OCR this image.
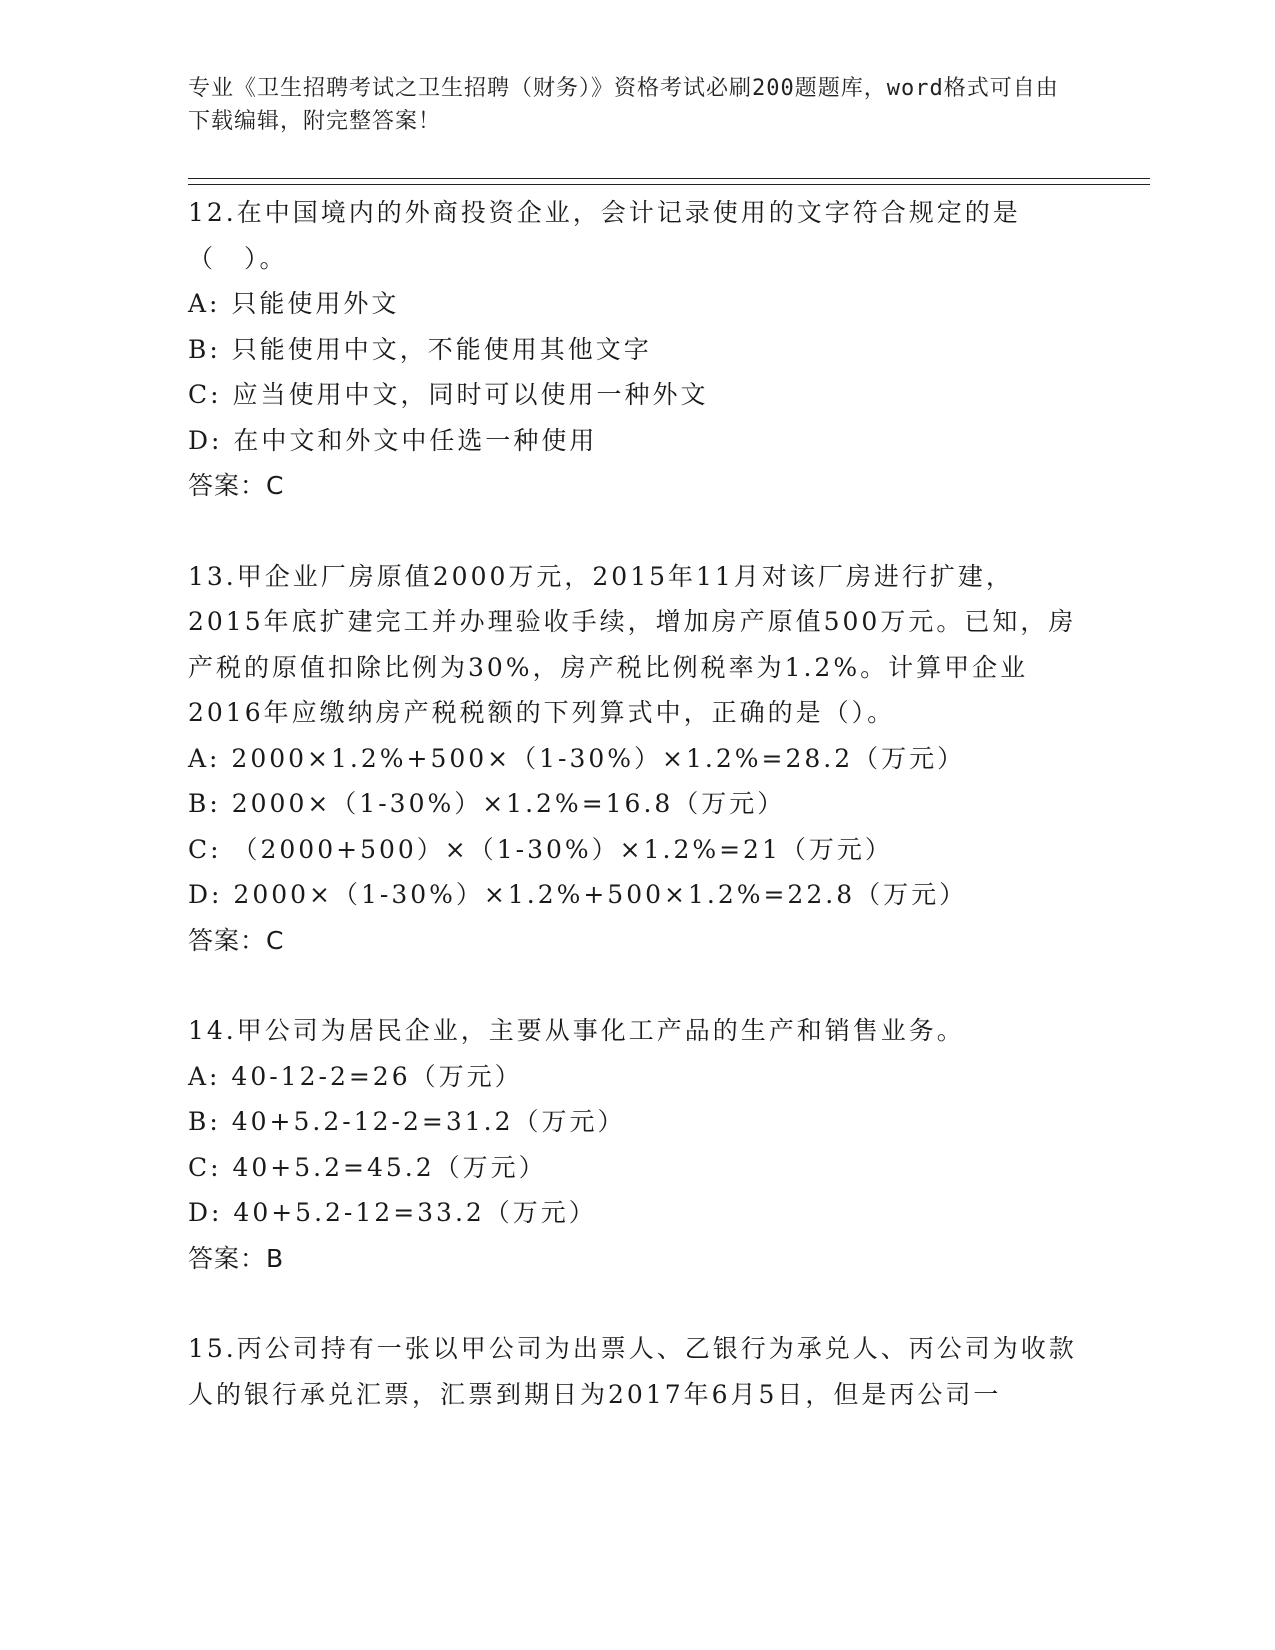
专业《卫生招聘考试之卫生招聘（财务）》资格考试必刷200题题库，word格式可自由下载编辑，附完整答案！

12.在中国境内的外商投资企业，会计记录使用的文字符合规定的是（　）。

A: 只能使用外文

B: 只能使用中文，不能使用其他文字

C: 应当使用中文，同时可以使用一种外文

D: 在中文和外文中任选一种使用

答案：C

13.甲企业厂房原值2000万元，2015年11月对该厂房进行扩建，2015年底扩建完工并办理验收手续，增加房产原值500万元。已知，房产税的原值扣除比例为30%，房产税比例税率为1.2%。计算甲企业2016年应缴纳房产税税额的下列算式中，正确的是（）。

A: 2000×1.2%+500×（1-30%）×1.2%=28.2（万元）

B: 2000×（1-30%）×1.2%=16.8（万元）

C: （2000+500）×（1-30%）×1.2%=21（万元）

D: 2000×（1-30%）×1.2%+500×1.2%=22.8（万元）

答案：C

14.甲公司为居民企业，主要从事化工产品的生产和销售业务。

A: 40-12-2=26（万元）

B: 40+5.2-12-2=31.2（万元）

C: 40+5.2=45.2（万元）

D: 40+5.2-12=33.2（万元）

答案：B

15.丙公司持有一张以甲公司为出票人、乙银行为承兑人、丙公司为收款人的银行承兑汇票，汇票到期日为2017年6月5日，但是丙公司一
